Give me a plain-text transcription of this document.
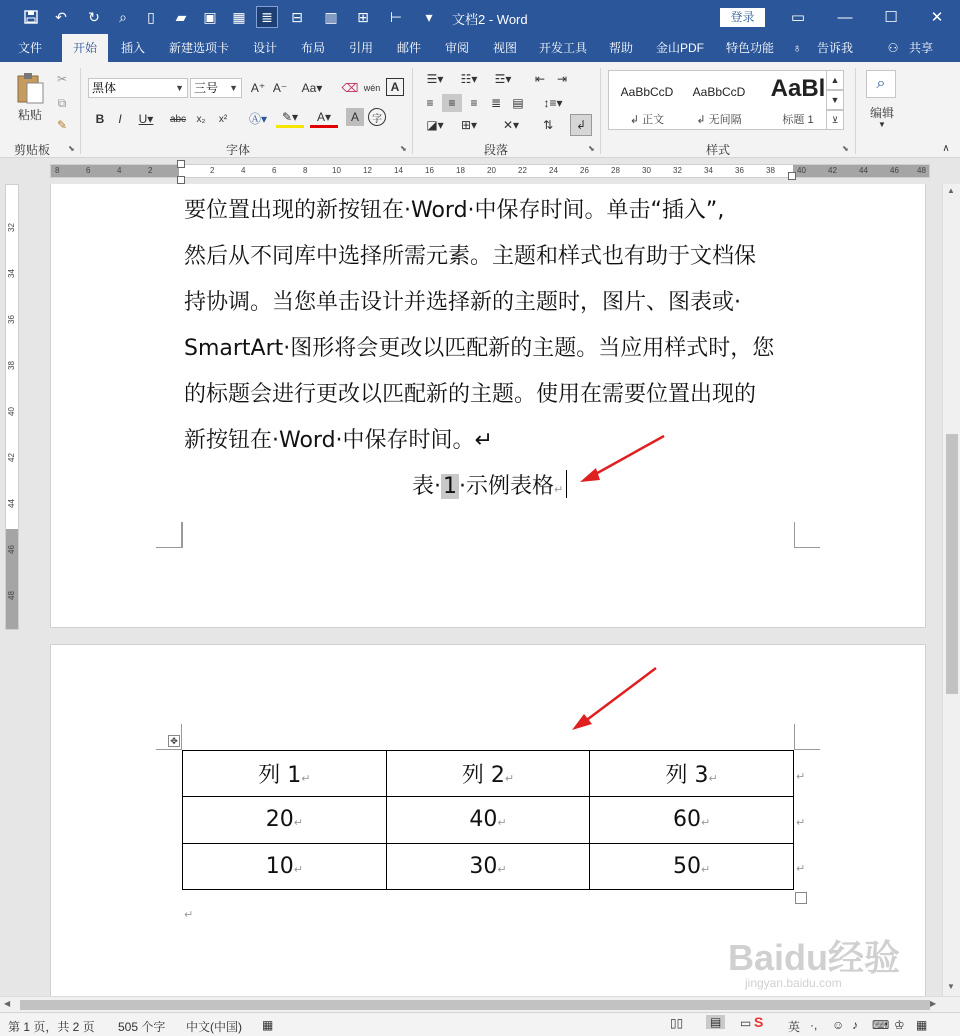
↶	↻	⌕	▯	▰	▣	▦	≣	⊟	▥	⊞	⊢	▾	文档2 - Word	登录	▭	—	☐	✕
文件	开始	插入	新建选项卡	设计	布局	引用	邮件	审阅	视图	开发工具	帮助	金山PDF	特色功能	♁	告诉我	⚇ 共享
粘贴
✂
⧉
✎
剪贴板 ⬊
黑体	▼ 三号 ▼ A⁺ A⁻	Aa▾	⌫ wén A
B	I	U▾	abc	x₂	x²	Ⓐ▾	✎▾	A▾	A	字
字体	⬊
☰▾	☷▾	☲▾	⇤ ⇥
≡	≡	≡	≣ ▤	↕≡▾
◪▾	⊞▾	✕▾	⇅	↲
段落	⬊
AaBbCcD
↲ 正文
AaBbCcD
↲ 无间隔
AaBl
标题 1
▲
▼
⊻
样式	⬊
⌕
编辑
▼
∧
8	6	4	2	2	4	6	8	10	12	14	16	18	20	22	24	26	28	30	32	34	36	38	40	42	44	46 48
32
34
36
38
40
42
44
46
48
要位置出现的新按钮在·Word·中保存时间。单击“插入”,
然后从不同库中选择所需元素。主题和样式也有助于文档保
持协调。当您单击设计并选择新的主题时，图片、图表或·
SmartArt·图形将会更改以匹配新的主题。当应用样式时，您
的标题会进行更改以匹配新的主题。使用在需要位置出现的
新按钮在·Word·中保存时间。↵
表·1·示例表格↵
✥
列 1↵	列 2↵	列 3↵
20↵	40↵	60↵
10↵	30↵	50↵
↵
↵
↵
↵
Baidu经验
jingyan.baidu.com
▲
▼
◀	▶
第 1 页，共 2 页 505 个字 中文(中国) ▦	▯▯	▤	▭ S 英 ·, ☺ ♪ ⌨ ♔ ▦
